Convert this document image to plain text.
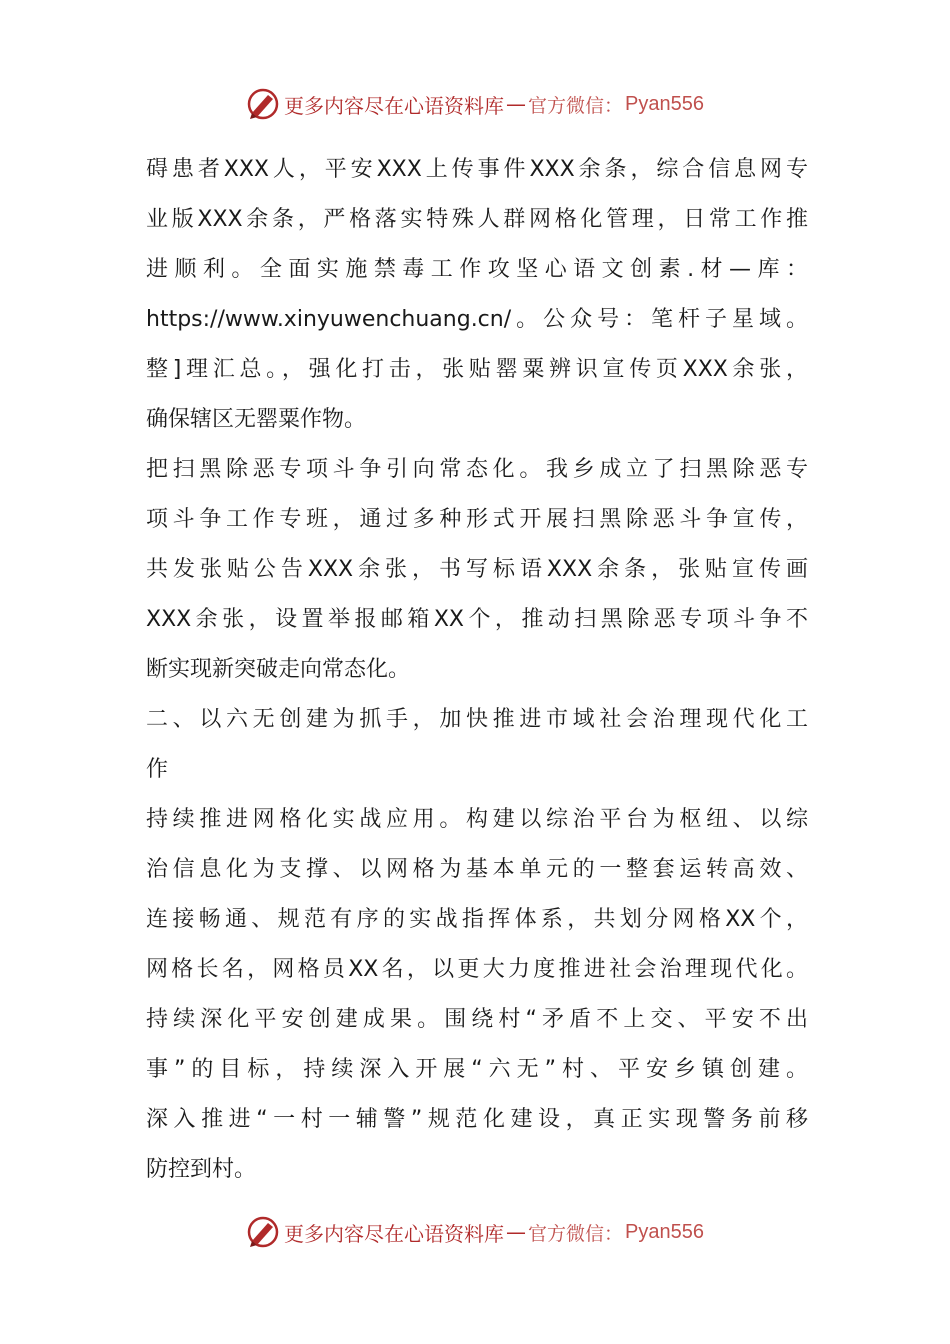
更多内容尽在心语资料库 — 官方微信： Pyan556
碍患者XXX人，平安XXX上传事件XXX余条，综合信息网专
业版XXX余条，严格落实特殊人群网格化管理，日常工作推
进顺利。全面实施禁毒工作攻坚心语文创素.材—库：
https://www.xinyuwenchuang.cn/。公众号：笔杆子星域。
整]理汇总。，强化打击，张贴罂粟辨识宣传页XXX余张，
确保辖区无罂粟作物。
把扫黑除恶专项斗争引向常态化。我乡成立了扫黑除恶专
项斗争工作专班，通过多种形式开展扫黑除恶斗争宣传，
共发张贴公告XXX余张，书写标语XXX余条，张贴宣传画
XXX余张，设置举报邮箱XX个，推动扫黑除恶专项斗争不
断实现新突破走向常态化。
二、以六无创建为抓手，加快推进市域社会治理现代化工
作
持续推进网格化实战应用。构建以综治平台为枢纽、以综
治信息化为支撑、以网格为基本单元的一整套运转高效、
连接畅通、规范有序的实战指挥体系，共划分网格XX个，
网格长名，网格员XX名，以更大力度推进社会治理现代化。
持续深化平安创建成果。围绕村“矛盾不上交、平安不出
事”的目标，持续深入开展“六无”村、平安乡镇创建。
深入推进“一村一辅警”规范化建设，真正实现警务前移
防控到村。
更多内容尽在心语资料库 — 官方微信： Pyan556
